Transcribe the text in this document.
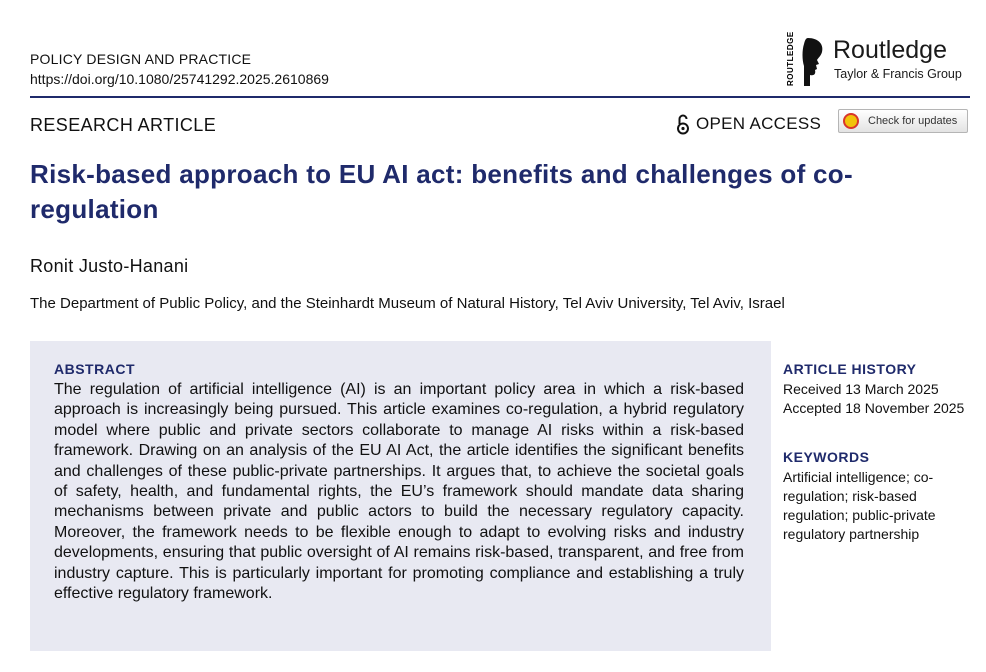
POLICY DESIGN AND PRACTICE
https://doi.org/10.1080/25741292.2025.2610869	ROUTLEDGE Routledge
Taylor & Francis Group
RESEARCH ARTICLE	OPEN ACCESS	Check for updates
Risk-based approach to EU AI act: benefits and challenges of co-regulation
Ronit Justo-Hanani
The Department of Public Policy, and the Steinhardt Museum of Natural History, Tel Aviv University, Tel Aviv, Israel
ABSTRACT
The regulation of artificial intelligence (AI) is an important policy area in which a risk-based approach is increasingly being pursued. This article examines co-regulation, a hybrid regulatory model where public and private sectors collaborate to manage AI risks within a risk-based framework. Drawing on an analysis of the EU AI Act, the article identifies the significant benefits and challenges of these public-private partnerships. It argues that, to achieve the societal goals of safety, health, and fundamental rights, the EU’s framework should mandate data sharing mechanisms between private and public actors to build the necessary regulatory capacity. Moreover, the framework needs to be flexible enough to adapt to evolving risks and industry developments, ensuring that public oversight of AI remains risk-based, transparent, and free from industry capture. This is particularly important for promoting compliance and establishing a truly effective regulatory framework.
ARTICLE HISTORY
Received 13 March 2025
Accepted 18 November 2025
KEYWORDS
Artificial intelligence; co-regulation; risk-based regulation; public-private regulatory partnership
